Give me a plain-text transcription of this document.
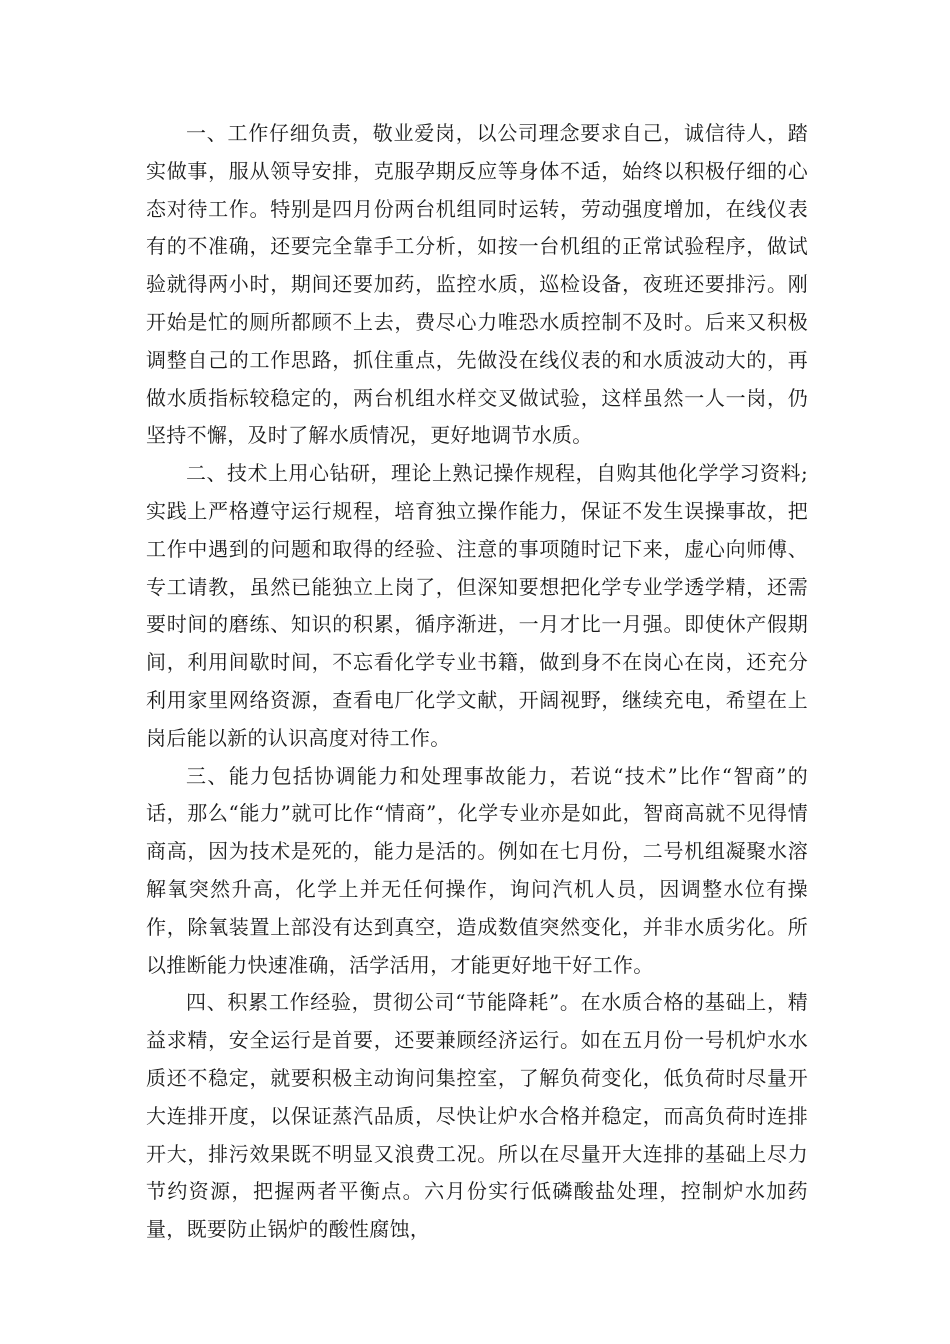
一、工作仔细负责，敬业爱岗，以公司理念要求自己，诚信待人，踏实做事，服从领导安排，克服孕期反应等身体不适，始终以积极仔细的心态对待工作。特别是四月份两台机组同时运转，劳动强度增加，在线仪表有的不准确，还要完全靠手工分析，如按一台机组的正常试验程序，做试验就得两小时，期间还要加药，监控水质，巡检设备，夜班还要排污。刚开始是忙的厕所都顾不上去，费尽心力唯恐水质控制不及时。后来又积极调整自己的工作思路，抓住重点，先做没在线仪表的和水质波动大的，再做水质指标较稳定的，两台机组水样交叉做试验，这样虽然一人一岗，仍坚持不懈，及时了解水质情况，更好地调节水质。

二、技术上用心钻研，理论上熟记操作规程，自购其他化学学习资料;实践上严格遵守运行规程，培育独立操作能力，保证不发生误操事故，把工作中遇到的问题和取得的经验、注意的事项随时记下来，虚心向师傅、专工请教，虽然已能独立上岗了，但深知要想把化学专业学透学精，还需要时间的磨练、知识的积累，循序渐进，一月才比一月强。即使休产假期间，利用间歇时间，不忘看化学专业书籍，做到身不在岗心在岗，还充分利用家里网络资源，查看电厂化学文献，开阔视野，继续充电，希望在上岗后能以新的认识高度对待工作。

三、能力包括协调能力和处理事故能力，若说“技术”比作“智商”的话，那么“能力”就可比作“情商”，化学专业亦是如此，智商高就不见得情商高，因为技术是死的，能力是活的。例如在七月份，二号机组凝聚水溶解氧突然升高，化学上并无任何操作，询问汽机人员，因调整水位有操作，除氧装置上部没有达到真空，造成数值突然变化，并非水质劣化。所以推断能力快速准确，活学活用，才能更好地干好工作。

四、积累工作经验，贯彻公司“节能降耗”。在水质合格的基础上，精益求精，安全运行是首要，还要兼顾经济运行。如在五月份一号机炉水水质还不稳定，就要积极主动询问集控室，了解负荷变化，低负荷时尽量开大连排开度，以保证蒸汽品质，尽快让炉水合格并稳定，而高负荷时连排开大，排污效果既不明显又浪费工况。所以在尽量开大连排的基础上尽力节约资源，把握两者平衡点。六月份实行低磷酸盐处理，控制炉水加药量，既要防止锅炉的酸性腐蚀，
